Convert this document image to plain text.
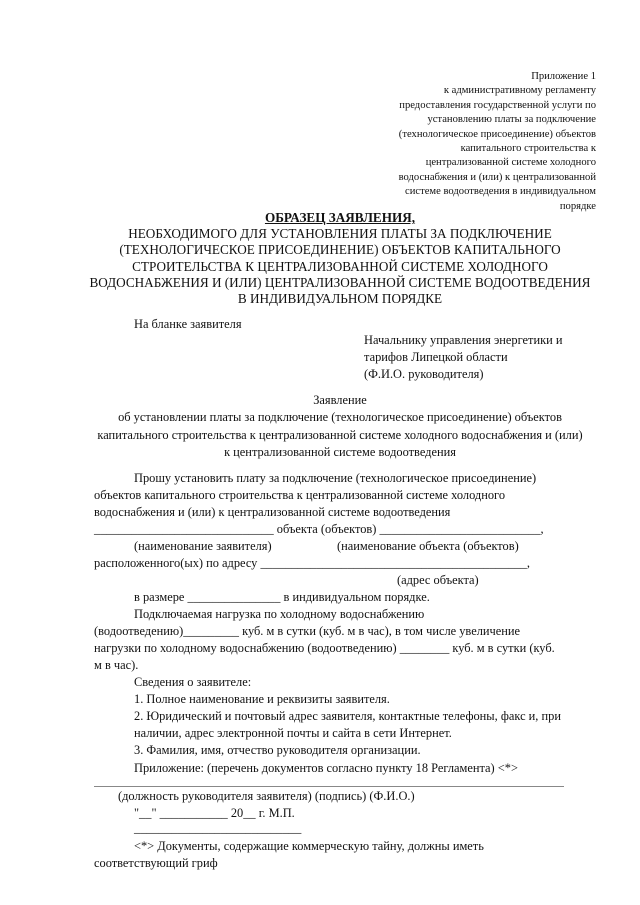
Приложение 1
к административному регламенту
предоставления государственной услуги по
установлению платы за подключение
(технологическое присоединение) объектов
капитального строительства к
централизованной системе холодного
водоснабжения и (или) к централизованной
системе водоотведения в индивидуальном
порядке
ОБРАЗЕЦ ЗАЯВЛЕНИЯ,
НЕОБХОДИМОГО ДЛЯ УСТАНОВЛЕНИЯ ПЛАТЫ ЗА ПОДКЛЮЧЕНИЕ
(ТЕХНОЛОГИЧЕСКОЕ ПРИСОЕДИНЕНИЕ) ОБЪЕКТОВ КАПИТАЛЬНОГО
СТРОИТЕЛЬСТВА К ЦЕНТРАЛИЗОВАННОЙ СИСТЕМЕ ХОЛОДНОГО
ВОДОСНАБЖЕНИЯ И (ИЛИ) ЦЕНТРАЛИЗОВАННОЙ СИСТЕМЕ ВОДООТВЕДЕНИЯ
В ИНДИВИДУАЛЬНОМ ПОРЯДКЕ
На бланке заявителя
Начальнику управления энергетики и
тарифов Липецкой области
(Ф.И.О. руководителя)
Заявление
об установлении платы за подключение (технологическое присоединение) объектов
капитального строительства к централизованной системе холодного водоснабжения и (или)
к централизованной системе водоотведения
Прошу установить плату за подключение (технологическое присоединение)
объектов капитального строительства к централизованной системе холодного
водоснабжения и (или) к централизованной системе водоотведения
_____________________________ объекта (объектов) __________________________,
(наименование заявителя)	(наименование объекта (объектов)
расположенного(ых) по адресу ___________________________________________,
(адрес объекта)
в размере _______________ в индивидуальном порядке.
Подключаемая нагрузка по холодному водоснабжению
(водоотведению)_________ куб. м в сутки (куб. м в час), в том числе увеличение
нагрузки по холодному водоснабжению (водоотведению) ________ куб. м в сутки (куб.
м в час).
Сведения о заявителе:
1. Полное наименование и реквизиты заявителя.
2. Юридический и почтовый адрес заявителя, контактные телефоны, факс и, при
наличии, адрес электронной почты и сайта в сети Интернет.
3. Фамилия, имя, отчество руководителя организации.
Приложение: (перечень документов согласно пункту 18 Регламента) <*>
(должность руководителя заявителя) (подпись) (Ф.И.О.)
"__" ___________ 20__ г. М.П.
___________________________
<*> Документы, содержащие коммерческую тайну, должны иметь
соответствующий гриф
